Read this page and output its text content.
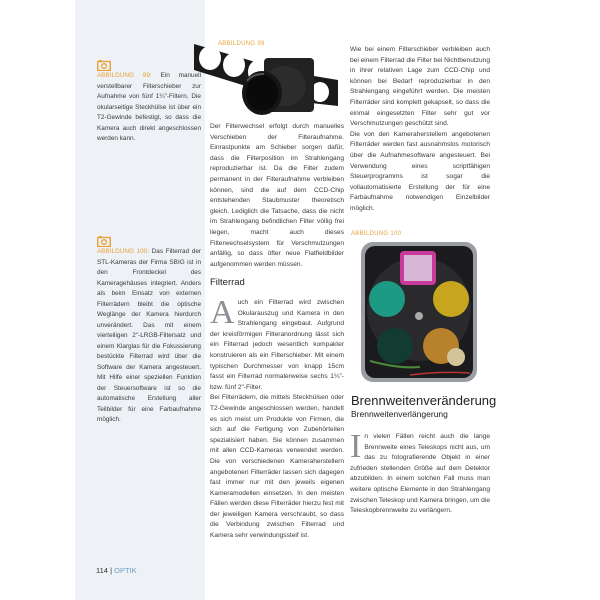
ABBILDUNG 99: Ein manuell verstellbarer Filterschieber zur Aufnahme von fünf 1¼"-Filtern. Die okularseitige Steckhülse ist über ein T2-Gewinde befestigt, so dass die Kamera auch direkt angeschlossen werden kann.
ABBILDUNG 100: Das Filterrad der STL-Kameras der Firma SBIG ist in den Frontdeckel des Kameragehäuses integriert. Anders als beim Einsatz von externen Filterrädern bleibt die optische Weglänge der Kamera hierdurch unverändert. Das mit einem vierteiligen 2"-LRGB-Filtersatz und einem Klarglas für die Fokussierung bestückte Filterrad wird über die Software der Kamera angesteuert. Mit Hilfe einer speziellen Funktion der Steuersoftware ist so die automatische Erstellung aller Teilbilder für eine Farbaufnahme möglich.
ABBILDUNG 99
Der Filterwechsel erfolgt durch manuelles Verschieben der Filteraufnahme. Einrastpunkte am Schieber sorgen dafür, dass die Filterposition im Strahlengang reproduzierbar ist. Da die Filter zudem permanent in der Filteraufnahme verbleiben können, sind die auf dem CCD-Chip entstehenden Staubmuster theoretisch gleich. Lediglich die Tatsache, dass die nicht im Strahlengang befindlichen Filter völlig frei liegen, macht auch dieses Filterwechselsystem für Verschmutzungen anfällig, so dass öfter neue Flatfieldbilder aufgenommen werden müssen.
Filterrad

Auch ein Filterrad wird zwischen Okularauszug und Kamera in den Strahlengang eingebaut. Aufgrund der kreisförmigen Filteranordnung lässt sich ein Filterrad jedoch wesentlich kompakter konstruieren als ein Filterschieber. Mit einem typischen Durchmesser von knapp 15cm fasst ein Filterrad normalerweise sechs 1¼"- bzw. fünf 2"-Filter.

Bei Filterrädern, die mittels Steckhülsen oder T2-Gewinde angeschlossen werden, handelt es sich meist um Produkte von Firmen, die sich auf die Fertigung von Zubehörteilen spezialisiert haben. Sie können zusammen mit allen CCD-Kameras verwendet werden. Die von verschiedenen Kameraherstellern angebotenen Filterräder lassen sich dagegen fast immer nur mit den jeweils eigenen Kameramodellen einsetzen. In den meisten Fällen werden diese Filterräder hierzu fest mit der jeweiligen Kamera verschraubt, so dass die Verbindung zwischen Filterrad und Kamera sehr verwindungssteif ist.

Wie bei einem Filterschieber verbleiben auch bei einem Filterrad die Filter bei Nichtbenutzung in ihrer relativen Lage zum CCD-Chip und können bei Bedarf reproduzierbar in den Strahlengang eingeführt werden. Die meisten Filterräder sind komplett gekapselt, so dass die einmal eingesetzten Filter sehr gut vor Verschmutzungen geschützt sind.

Die von den Kameraherstellern angebotenen Filterräder werden fast ausnahmslos motorisch über die Aufnahmesoftware angesteuert. Bei Verwendung eines scriptfähigen Steuerprogramms ist sogar die vollautomatisierte Erstellung der für eine Farbaufnahme notwendigen Einzelbilder möglich.

ABBILDUNG 100
Brennweitenveränderung
Brennweitenverlängerung

In vielen Fällen reicht auch die lange Brennweite eines Teleskops nicht aus, um das zu fotografierende Objekt in einer zufrieden stellenden Größe auf dem Detektor abzubilden. In einem solchen Fall muss man weitere optische Elemente in den Strahlengang zwischen Teleskop und Kamera bringen, um die Teleskopbrennweite zu verlängern.

114 | OPTIK
